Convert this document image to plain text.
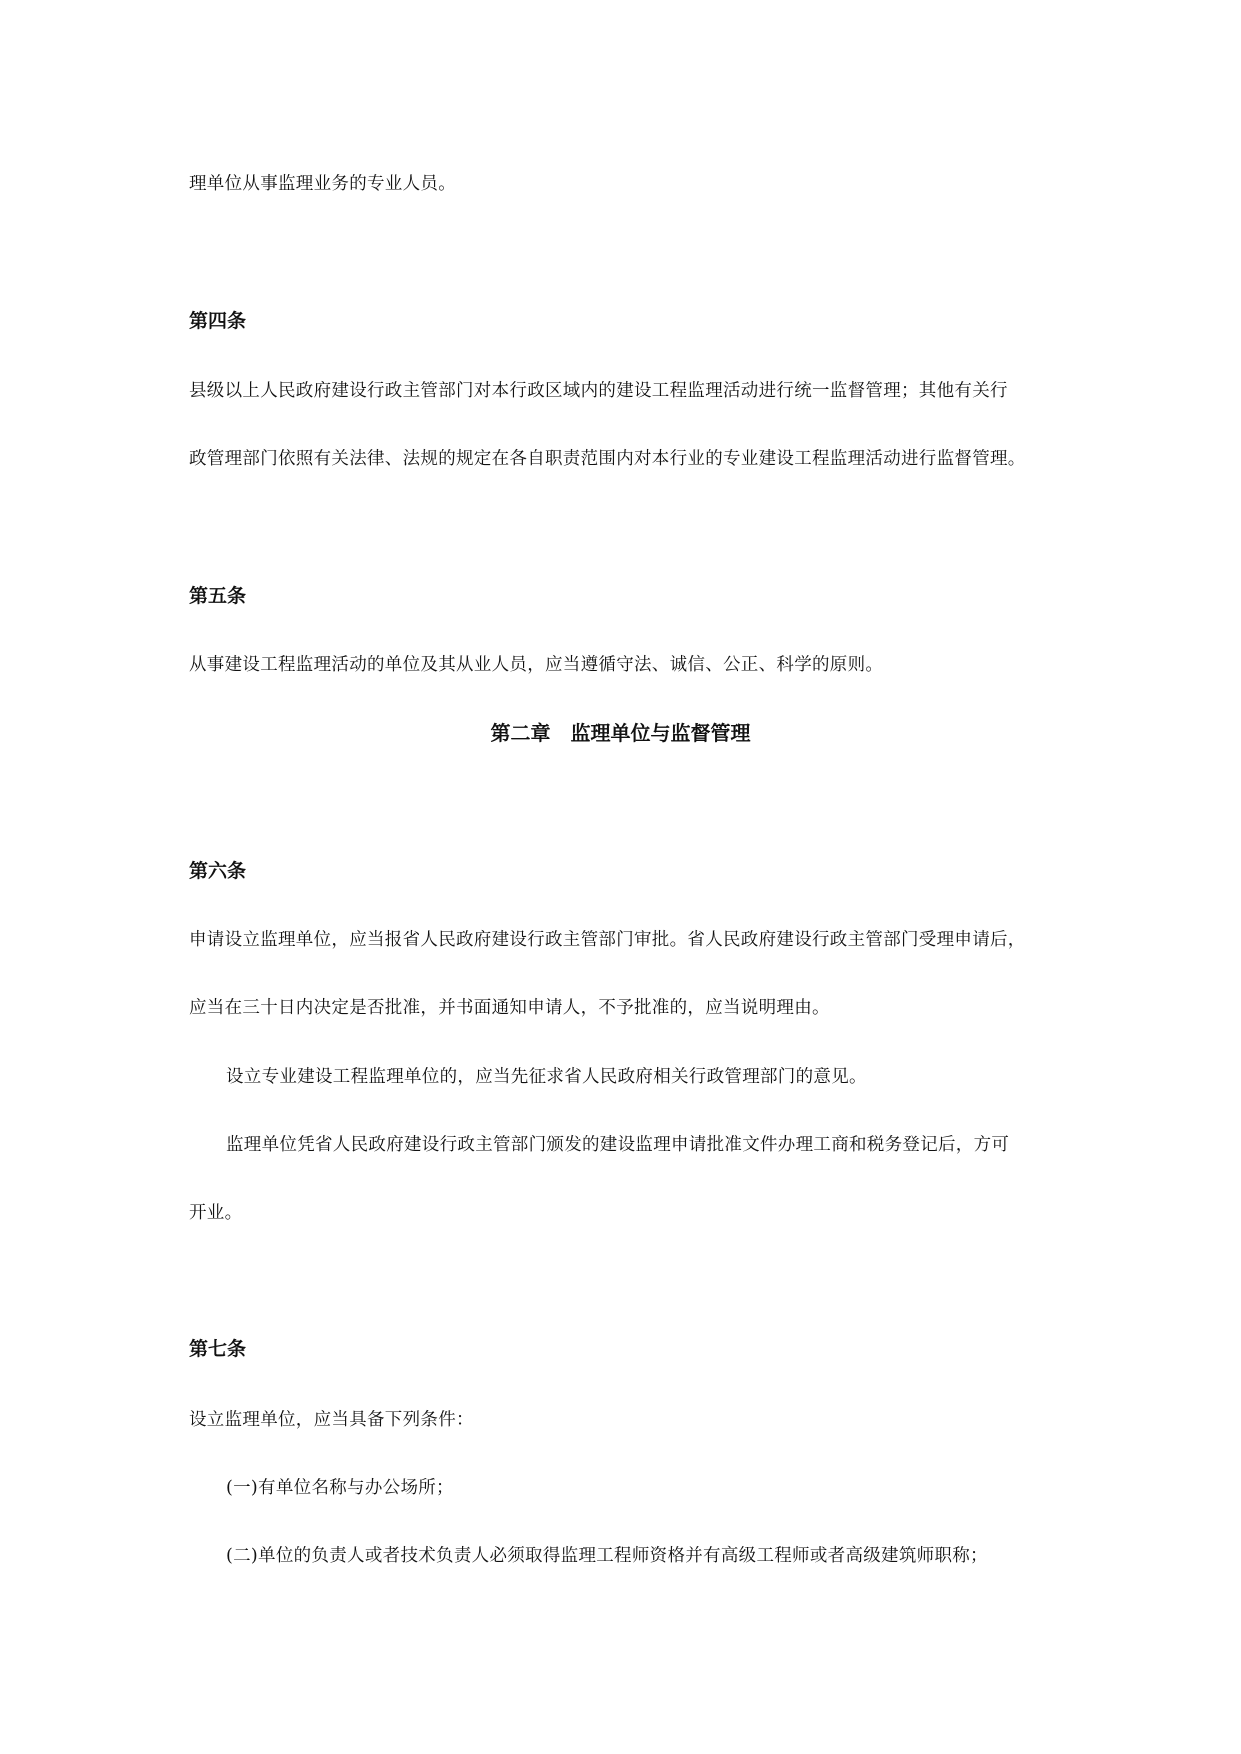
理单位从事监理业务的专业人员。
第四条
县级以上人民政府建设行政主管部门对本行政区域内的建设工程监理活动进行统一监督管理；其他有关行
政管理部门依照有关法律、法规的规定在各自职责范围内对本行业的专业建设工程监理活动进行监督管理。
第五条
从事建设工程监理活动的单位及其从业人员，应当遵循守法、诚信、公正、科学的原则。
第二章　监理单位与监督管理
第六条
申请设立监理单位，应当报省人民政府建设行政主管部门审批。省人民政府建设行政主管部门受理申请后，
应当在三十日内决定是否批准，并书面通知申请人，不予批准的，应当说明理由。
设立专业建设工程监理单位的，应当先征求省人民政府相关行政管理部门的意见。
监理单位凭省人民政府建设行政主管部门颁发的建设监理申请批准文件办理工商和税务登记后，方可
开业。
第七条
设立监理单位，应当具备下列条件：
(一)有单位名称与办公场所；
(二)单位的负责人或者技术负责人必须取得监理工程师资格并有高级工程师或者高级建筑师职称；
